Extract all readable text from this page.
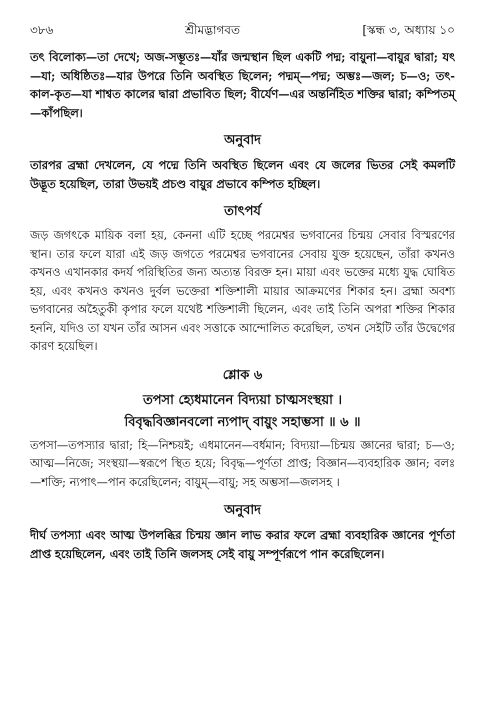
৩৮৬	শ্রীমদ্ভাগবত	[স্কন্ধ ৩, অধ্যায় ১০

তৎ বিলোক্য—তা দেখে; অজ-সম্ভূতঃ—যাঁর জন্মস্থান ছিল একটি পদ্ম; বায়ুনা—বায়ুর দ্বারা; যৎ—যা; অধিষ্ঠিতঃ—যার উপরে তিনি অবস্থিত ছিলেন; পদ্মম্—পদ্ম; অম্ভঃ—জল; চ—ও; তৎ-কাল-কৃত—যা শাশ্বত কালের দ্বারা প্রভাবিত ছিল; বীর্যেণ—এর অন্তর্নিহিত শক্তির দ্বারা; কম্পিতম্—কাঁপছিল।

অনুবাদ

তারপর ব্রহ্মা দেখলেন, যে পদ্মে তিনি অবস্থিত ছিলেন এবং যে জলের ভিতর সেই কমলটি উদ্ভূত হয়েছিল, তারা উভয়ই প্রচণ্ড বায়ুর প্রভাবে কম্পিত হচ্ছিল।

তাৎপর্য

জড় জগৎকে মায়িক বলা হয়, কেননা এটি হচ্ছে পরমেশ্বর ভগবানের চিন্ময় সেবার বিস্মরণের স্থান। তার ফলে যারা এই জড় জগতে পরমেশ্বর ভগবানের সেবায় যুক্ত হয়েছেন, তাঁরা কখনও কখনও এখানকার কদর্য পরিস্থিতির জন্য অত্যন্ত বিরক্ত হন। মায়া এবং ভক্তের মধ্যে যুদ্ধ ঘোষিত হয়, এবং কখনও কখনও দুর্বল ভক্তেরা শক্তিশালী মায়ার আক্রমণের শিকার হন। ব্রহ্মা অবশ্য ভগবানের অহৈতুকী কৃপার ফলে যথেষ্ট শক্তিশালী ছিলেন, এবং তাই তিনি অপরা শক্তির শিকার হননি, যদিও তা যখন তাঁর আসন এবং সত্তাকে আন্দোলিত করেছিল, তখন সেইটি তাঁর উদ্বেগের কারণ হয়েছিল।

শ্লোক ৬
তপসা হ্যেধমানেন বিদ্যয়া চাত্মসংস্থয়া ।
বিবৃদ্ধবিজ্ঞানবলো ন্যপাদ্ বায়ুং সহাম্ভসা ॥ ৬ ॥

তপসা—তপস্যার দ্বারা; হি—নিশ্চয়ই; এধমানেন—বর্ধমান; বিদ্যয়া—চিন্ময় জ্ঞানের দ্বারা; চ—ও; আত্ম—নিজে; সংস্থয়া—স্বরূপে স্থিত হয়ে; বিবৃদ্ধ—পূর্ণতা প্রাপ্ত; বিজ্ঞান—ব্যবহারিক জ্ঞান; বলঃ—শক্তি; ন্যপাৎ—পান করেছিলেন; বায়ুম্—বায়ু; সহ অম্ভসা—জলসহ ।

অনুবাদ

দীর্ঘ তপস্যা এবং আত্ম উপলব্ধির চিন্ময় জ্ঞান লাভ করার ফলে ব্রহ্মা ব্যবহারিক জ্ঞানের পূর্ণতা প্রাপ্ত হয়েছিলেন, এবং তাই তিনি জলসহ সেই বায়ু সম্পূর্ণরূপে পান করেছিলেন।
